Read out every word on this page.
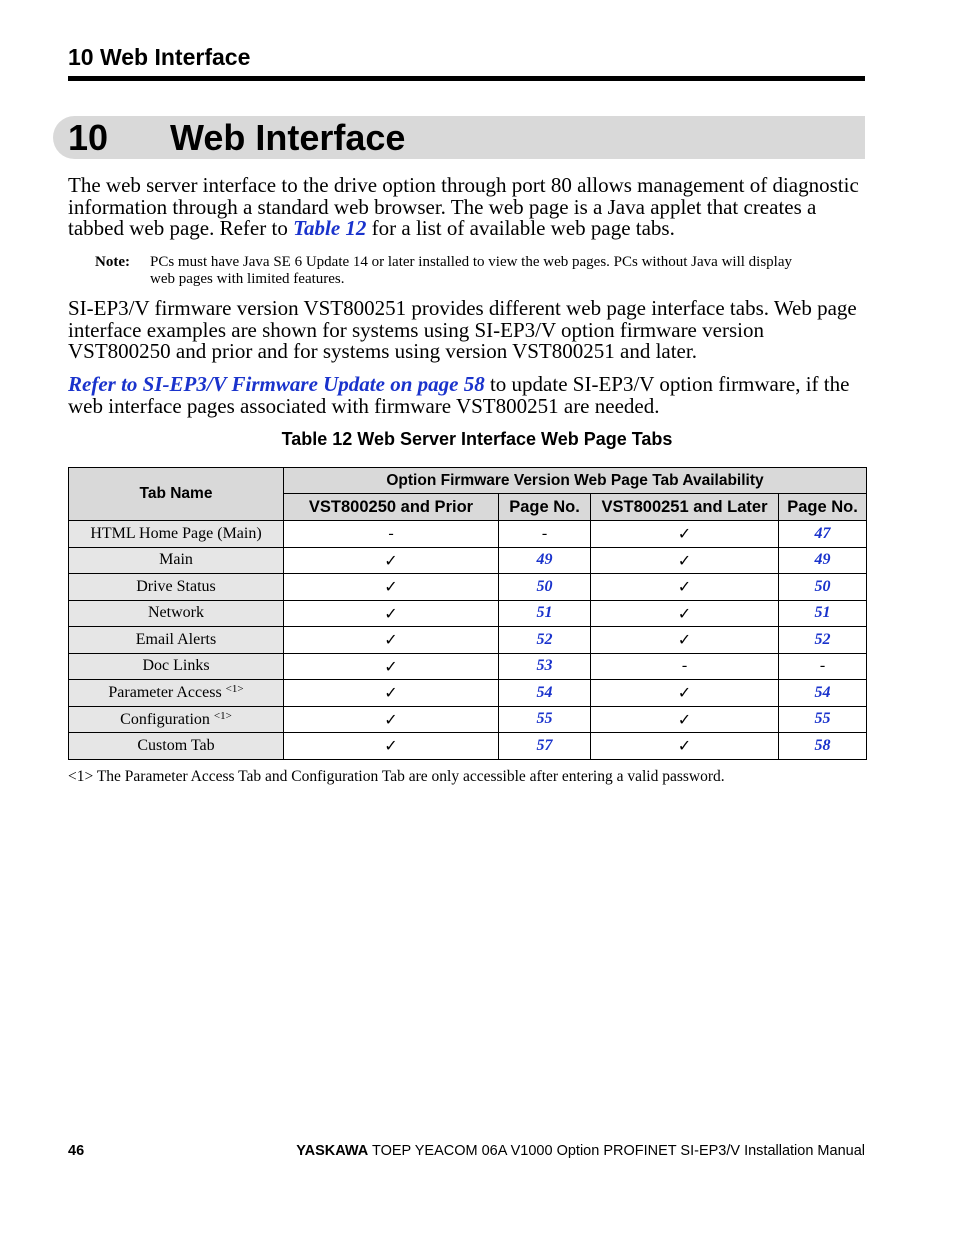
10 Web Interface
10 Web Interface

The web server interface to the drive option through port 80 allows management of diagnostic information through a standard web browser. The web page is a Java applet that creates a tabbed web page. Refer to Table 12 for a list of available web page tabs.

Note: PCs must have Java SE 6 Update 14 or later installed to view the web pages. PCs without Java will display web pages with limited features.

SI-EP3/V firmware version VST800251 provides different web page interface tabs. Web page interface examples are shown for systems using SI-EP3/V option firmware version VST800250 and prior and for systems using version VST800251 and later.

Refer to SI-EP3/V Firmware Update on page 58 to update SI-EP3/V option firmware, if the web interface pages associated with firmware VST800251 are needed.

Table 12 Web Server Interface Web Page Tabs
Tab Name	Option Firmware Version Web Page Tab Availability			
	VST800250 and Prior	Page No.	VST800251 and Later	Page No.
HTML Home Page (Main)	-	-	✓	47
Main	✓	49	✓	49
Drive Status	✓	50	✓	50
Network	✓	51	✓	51
Email Alerts	✓	52	✓	52
Doc Links	✓	53	-	-
Parameter Access $^{<1>}$	✓	54	✓	54
Configuration $^{<1>}$	✓	55	✓	55
Custom Tab	✓	57	✓	58

<1> The Parameter Access Tab and Configuration Tab are only accessible after entering a valid password.

46	YASKAWA TOEP YEACOM 06A V1000 Option PROFINET SI-EP3/V Installation Manual
